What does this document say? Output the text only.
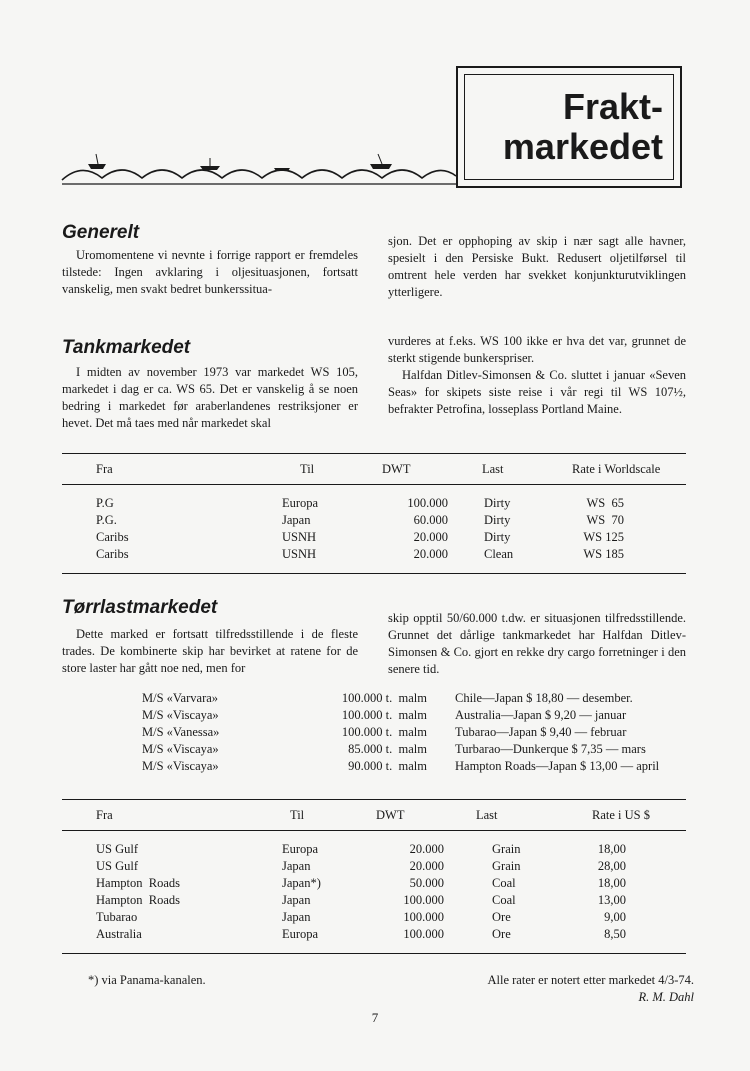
Frakt-
markedet

Generelt

Uromomentene vi nevnte i forrige rapport er fremdeles tilstede: Ingen avklaring i oljesituasjonen, fortsatt vanskelig, men svakt bedret bunkerssitua-

sjon. Det er opphoping av skip i nær sagt alle havner, spesielt i den Persiske Bukt. Redusert oljetilførsel til omtrent hele verden har svekket konjunkturutviklingen ytterligere.

Tankmarkedet

I midten av november 1973 var markedet WS 105, markedet i dag er ca. WS 65. Det er vanskelig å se noen bedring i markedet før araberlandenes restriksjoner er hevet. Det må taes med når markedet skal

vurderes at f.eks. WS 100 ikke er hva det var, grunnet de sterkt stigende bunkerspriser.

Halfdan Ditlev-Simonsen & Co. sluttet i januar «Seven Seas» for skipets siste reise i vår regi til WS 107½, befrakter Petrofina, losseplass Portland Maine.

Fra	Til	DWT	Last	Rate i Worldscale
	P.G	Europa	100.000		Dirty	WS  65	
	P.G.	Japan	60.000		Dirty	WS  70	
	Caribs	USNH	20.000		Dirty	WS 125	
	Caribs	USNH	20.000		Clean	WS 185	
Tørrlastmarkedet

Dette marked er fortsatt tilfredsstillende i de fleste trades. De kombinerte skip har bevirket at ratene for de store laster har gått noe ned, men for

skip opptil 50/60.000 t.dw. er situasjonen tilfredsstillende. Grunnet det dårlige tankmarkedet har Halfdan Ditlev-Simonsen & Co. gjort en rekke dry cargo forretninger i den senere tid.

M/S «Varvara»	100.000 t.  malm	Chile—Japan $ 18,80 — desember.
M/S «Viscaya»	100.000 t.  malm	Australia—Japan $ 9,20 — januar
M/S «Vanessa»	100.000 t.  malm	Tubarao—Japan $ 9,40 — februar
M/S «Viscaya»	85.000 t.  malm	Turbarao—Dunkerque $ 7,35 — mars
M/S «Viscaya»	90.000 t.  malm	Hampton Roads—Japan $ 13,00 — april
Fra	Til	DWT	Last	Rate i US $
	US Gulf	Europa	20.000		Grain	18,00	
	US Gulf	Japan	20.000		Grain	28,00	
	Hampton  Roads	Japan*)	50.000		Coal	18,00	
	Hampton  Roads	Japan	100.000		Coal	13,00	
	Tubarao	Japan	100.000		Ore	9,00	
	Australia	Europa	100.000		Ore	8,50	
*) via Panama-kanalen.	Alle rater er notert etter markedet 4/3-74.
R. M. Dahl
7
